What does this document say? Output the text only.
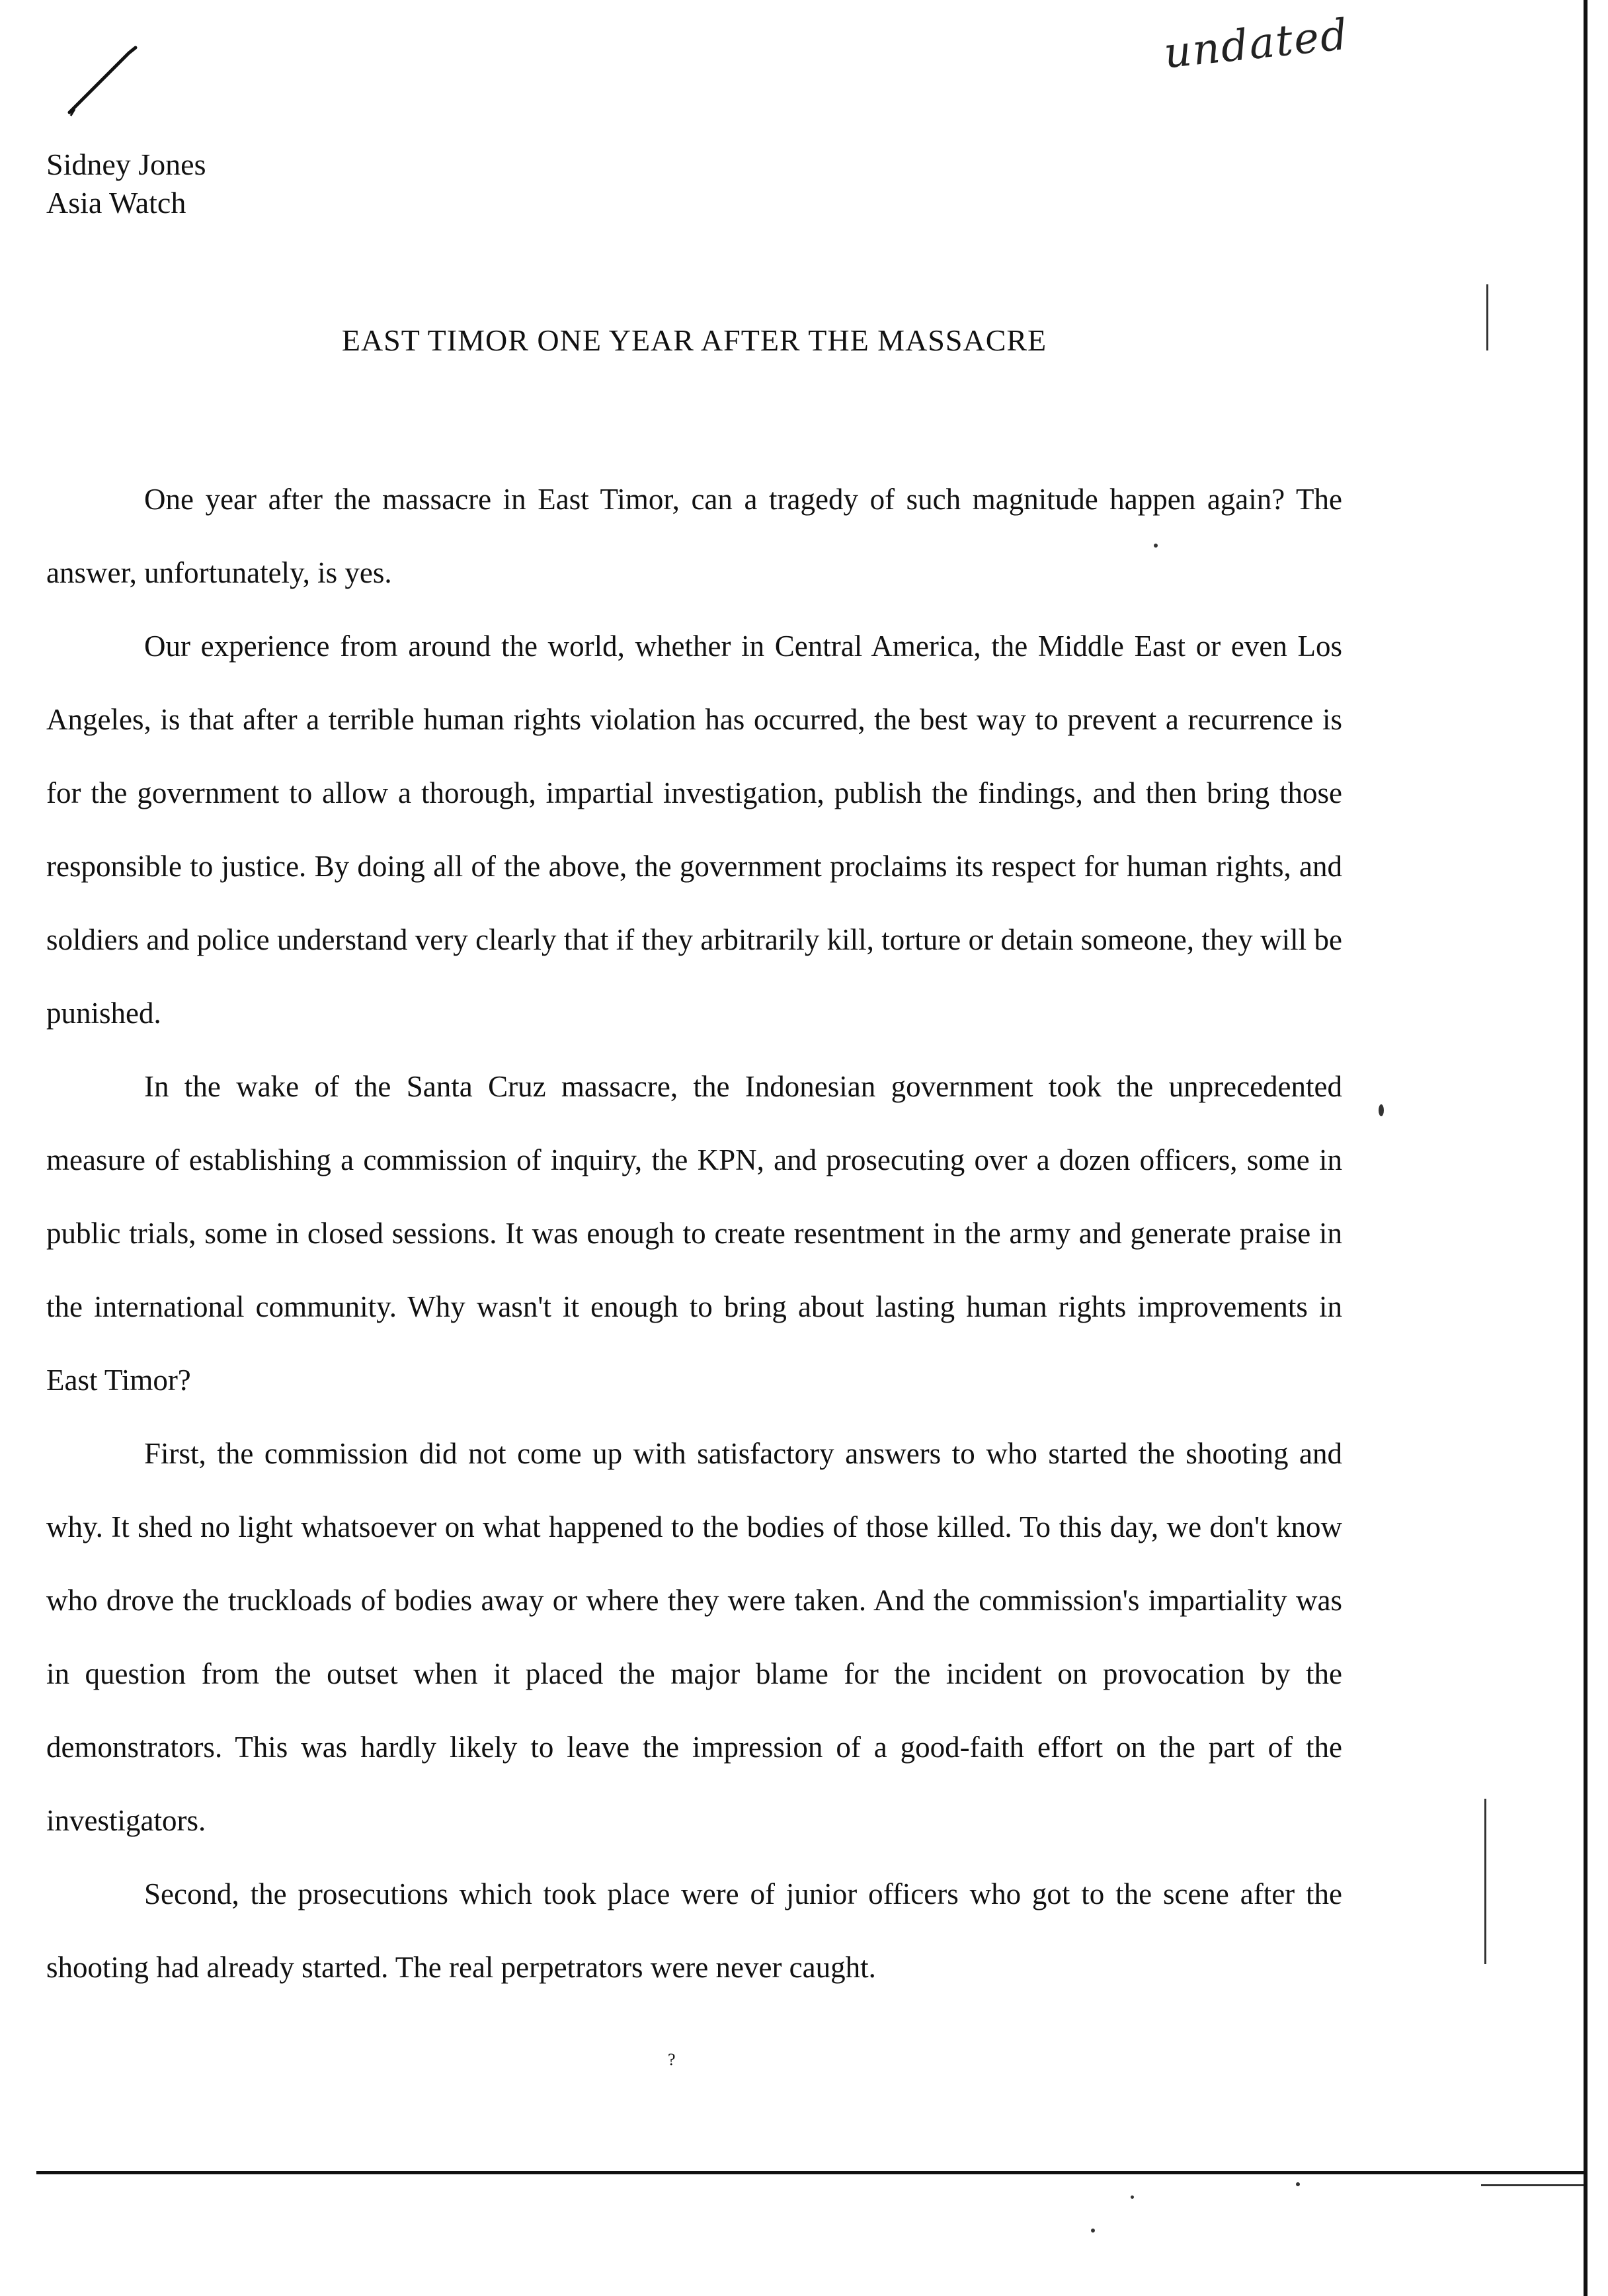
undated
Sidney Jones
Asia Watch
EAST TIMOR ONE YEAR AFTER THE MASSACRE

One year after the massacre in East Timor, can a tragedy of such magnitude happen again? The answer, unfortunately, is yes.

Our experience from around the world, whether in Central America, the Middle East or even Los Angeles, is that after a terrible human rights violation has occurred, the best way to prevent a recurrence is for the government to allow a thorough, impartial investigation, publish the findings, and then bring those responsible to justice. By doing all of the above, the government proclaims its respect for human rights, and soldiers and police understand very clearly that if they arbitrarily kill, torture or detain someone, they will be punished.

In the wake of the Santa Cruz massacre, the Indonesian government took the unprecedented measure of establishing a commission of inquiry, the KPN, and prosecuting over a dozen officers, some in public trials, some in closed sessions. It was enough to create resentment in the army and generate praise in the international community. Why wasn't it enough to bring about lasting human rights improvements in East Timor?

First, the commission did not come up with satisfactory answers to who started the shooting and why. It shed no light whatsoever on what happened to the bodies of those killed. To this day, we don't know who drove the truckloads of bodies away or where they were taken. And the commission's impartiality was in question from the outset when it placed the major blame for the incident on provocation by the demonstrators. This was hardly likely to leave the impression of a good-faith effort on the part of the investigators.

Second, the prosecutions which took place were of junior officers who got to the scene after the shooting had already started. The real perpetrators were never caught.

?
